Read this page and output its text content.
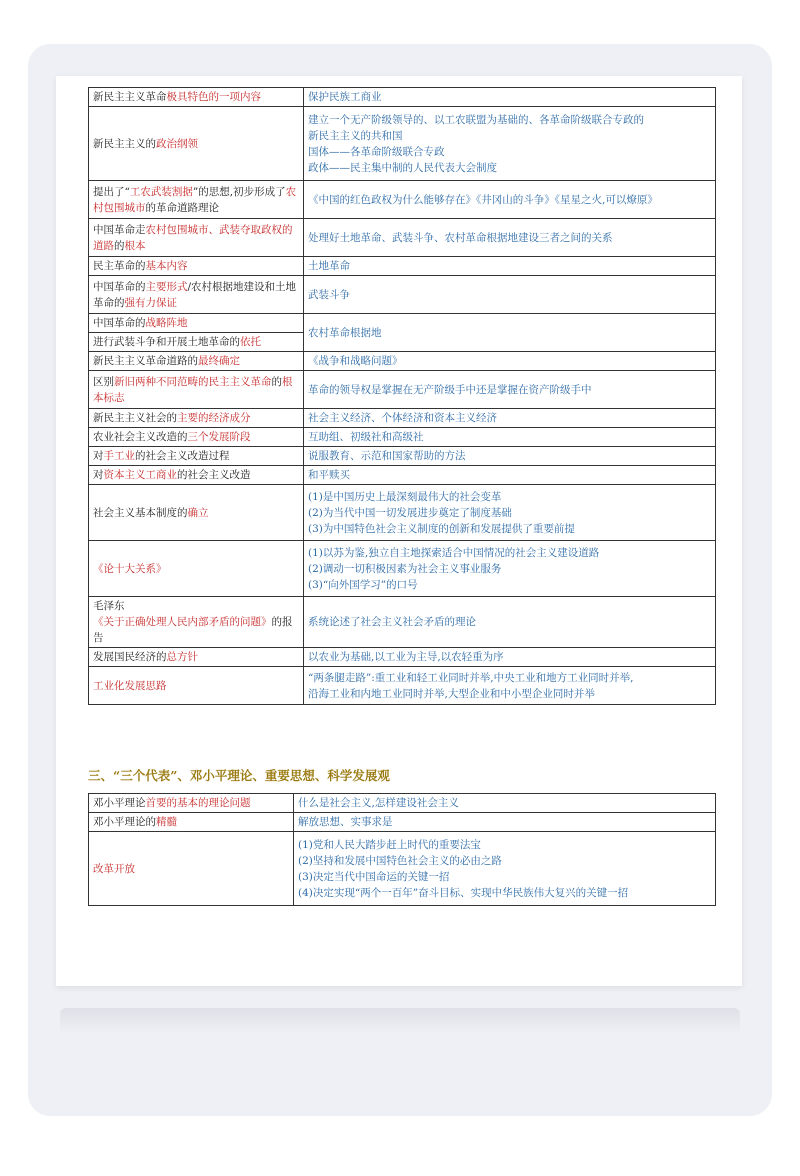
新民主主义革命极具特色的一项内容	保护民族工商业

新民主主义的政治纲领	建立一个无产阶级领导的、以工农联盟为基础的、各革命阶级联合专政的
新民主主义的共和国
国体——各革命阶级联合专政
政体——民主集中制的人民代表大会制度

提出了“工农武装割据”的思想,初步形成了农村包围城市的革命道路理论	《中国的红色政权为什么能够存在》《井冈山的斗争》《星星之火,可以燎原》

中国革命走农村包围城市、武装夺取政权的道路的根本	处理好土地革命、武装斗争、农村革命根据地建设三者之间的关系

民主革命的基本内容	土地革命

中国革命的主要形式/农村根据地建设和土地革命的强有力保证	武装斗争

中国革命的战略阵地	农村革命根据地

进行武装斗争和开展土地革命的依托	
新民主主义革命道路的最终确定	《战争和战略问题》

区别新旧两种不同范畴的民主主义革命的根本标志	革命的领导权是掌握在无产阶级手中还是掌握在资产阶级手中

新民主主义社会的主要的经济成分	社会主义经济、个体经济和资本主义经济

农业社会主义改造的三个发展阶段	互助组、初级社和高级社

对手工业的社会主义改造过程	说服教育、示范和国家帮助的方法

对资本主义工商业的社会主义改造	和平赎买

社会主义基本制度的确立	(1)是中国历史上最深刻最伟大的社会变革
(2)为当代中国一切发展进步奠定了制度基础
(3)为中国特色社会主义制度的创新和发展提供了重要前提

《论十大关系》	(1)以苏为鉴,独立自主地探索适合中国情况的社会主义建设道路
(2)调动一切积极因素为社会主义事业服务
(3)“向外国学习”的口号

毛泽东《关于正确处理人民内部矛盾的问题》的报告	系统论述了社会主义社会矛盾的理论

发展国民经济的总方针	以农业为基础,以工业为主导,以农轻重为序

工业化发展思路	“两条腿走路”:重工业和轻工业同时并举,中央工业和地方工业同时并举,
沿海工业和内地工业同时并举,大型企业和中小型企业同时并举
三、“三个代表”、邓小平理论、重要思想、科学发展观
邓小平理论首要的基本的理论问题	什么是社会主义,怎样建设社会主义

邓小平理论的精髓	解放思想、实事求是

改革开放	(1)党和人民大踏步赶上时代的重要法宝
(2)坚持和发展中国特色社会主义的必由之路
(3)决定当代中国命运的关键一招
(4)决定实现“两个一百年”奋斗目标、实现中华民族伟大复兴的关键一招
